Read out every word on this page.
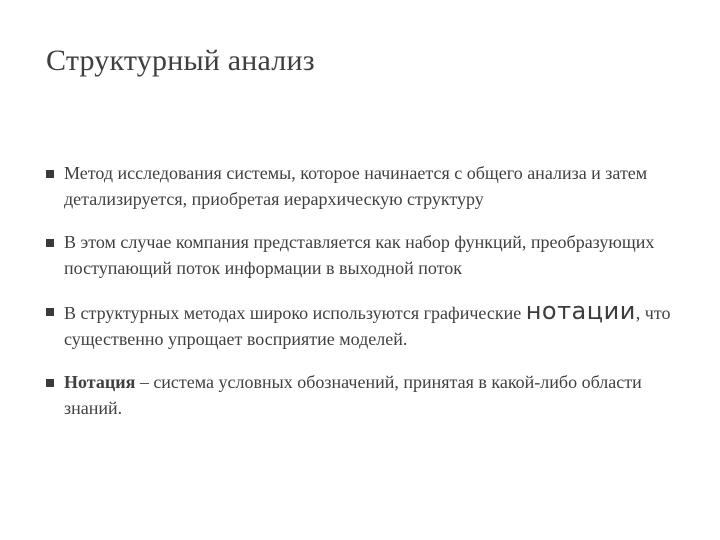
Структурный анализ
Метод исследования системы, которое начинается с общего анализа и затем детализируется, приобретая иерархическую структуру
В этом случае компания представляется как набор функций, преобразующих поступающий поток информации в выходной поток
В структурных методах широко используются графические нотации, что существенно упрощает восприятие моделей.
Нотация – система условных обозначений, принятая в какой-либо области знаний.
